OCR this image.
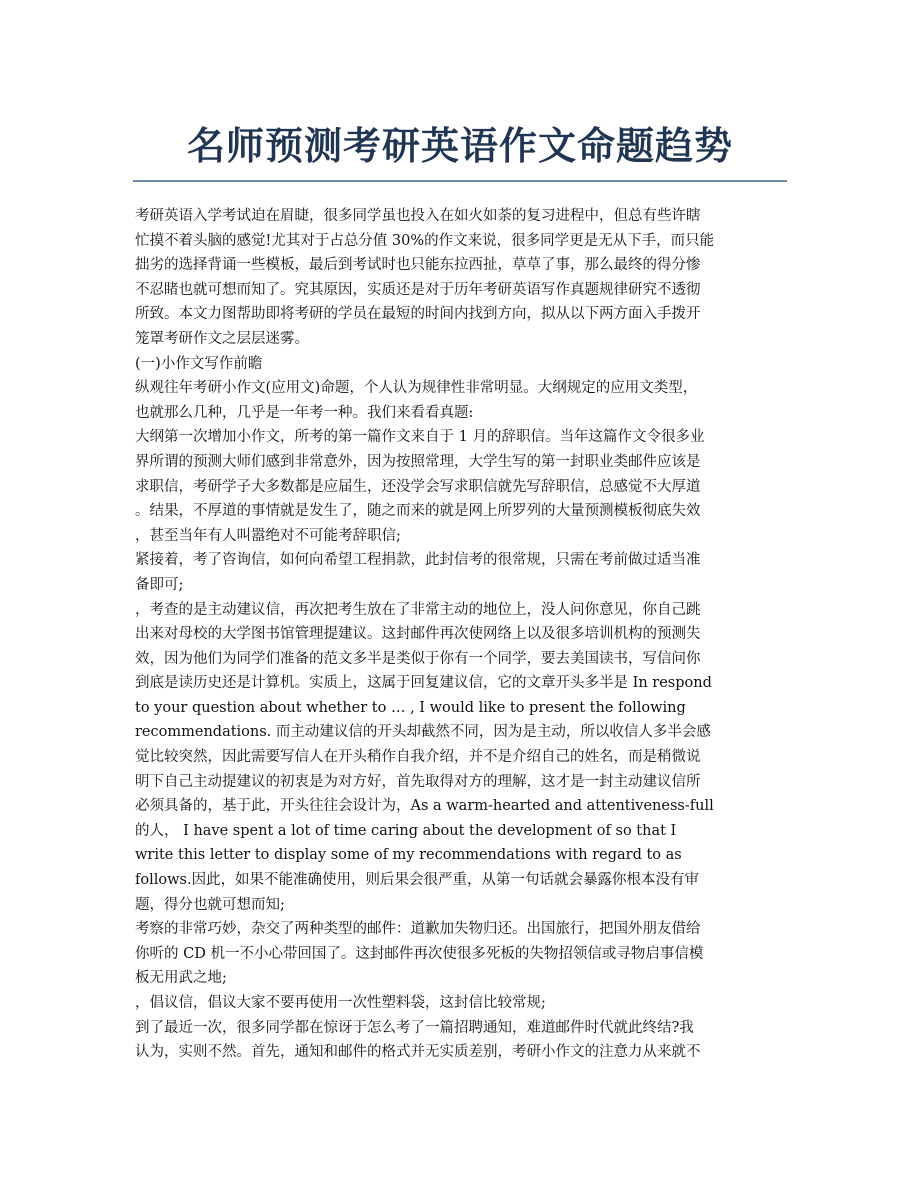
名师预测考研英语作文命题趋势
考研英语入学考试迫在眉睫，很多同学虽也投入在如火如荼的复习进程中，但总有些许瞎
忙摸不着头脑的感觉!尤其对于占总分值 30%的作文来说，很多同学更是无从下手，而只能
拙劣的选择背诵一些模板，最后到考试时也只能东拉西扯，草草了事，那么最终的得分惨
不忍睹也就可想而知了。究其原因，实质还是对于历年考研英语写作真题规律研究不透彻
所致。本文力图帮助即将考研的学员在最短的时间内找到方向，拟从以下两方面入手拨开
笼罩考研作文之层层迷雾。
(一)小作文写作前瞻
纵观往年考研小作文(应用文)命题，个人认为规律性非常明显。大纲规定的应用文类型，
也就那么几种，几乎是一年考一种。我们来看看真题:
大纲第一次增加小作文，所考的第一篇作文来自于 1 月的辞职信。当年这篇作文令很多业
界所谓的预测大师们感到非常意外，因为按照常理，大学生写的第一封职业类邮件应该是
求职信，考研学子大多数都是应届生，还没学会写求职信就先写辞职信，总感觉不大厚道
。结果，不厚道的事情就是发生了，随之而来的就是网上所罗列的大量预测模板彻底失效
，甚至当年有人叫嚣绝对不可能考辞职信;
紧接着，考了咨询信，如何向希望工程捐款，此封信考的很常规，只需在考前做过适当准
备即可;
，考查的是主动建议信，再次把考生放在了非常主动的地位上，没人问你意见，你自己跳
出来对母校的大学图书馆管理提建议。这封邮件再次使网络上以及很多培训机构的预测失
效，因为他们为同学们准备的范文多半是类似于你有一个同学，要去美国读书，写信问你
到底是读历史还是计算机。实质上，这属于回复建议信，它的文章开头多半是 In respond
to your question about whether to … , I would like to present the following
recommendations. 而主动建议信的开头却截然不同，因为是主动，所以收信人多半会感
觉比较突然，因此需要写信人在开头稍作自我介绍，并不是介绍自己的姓名，而是稍微说
明下自己主动提建议的初衷是为对方好，首先取得对方的理解，这才是一封主动建议信所
必须具备的，基于此，开头往往会设计为，As a warm-hearted and attentiveness-full
的人， I have spent a lot of time caring about the development of so that I
write this letter to display some of my recommendations with regard to as
follows.因此，如果不能准确使用，则后果会很严重，从第一句话就会暴露你根本没有审
题，得分也就可想而知;
考察的非常巧妙，杂交了两种类型的邮件：道歉加失物归还。出国旅行，把国外朋友借给
你听的 CD 机一不小心带回国了。这封邮件再次使很多死板的失物招领信或寻物启事信模
板无用武之地;
，倡议信，倡议大家不要再使用一次性塑料袋，这封信比较常规;
到了最近一次，很多同学都在惊讶于怎么考了一篇招聘通知，难道邮件时代就此终结?我
认为，实则不然。首先，通知和邮件的格式并无实质差别，考研小作文的注意力从来就不
